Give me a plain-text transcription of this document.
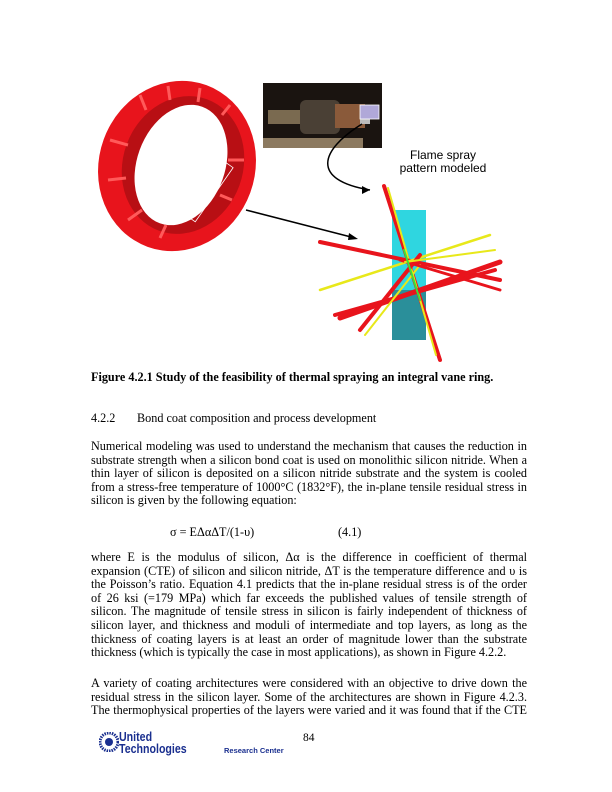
Flame spray
pattern modeled
Figure 4.2.1 Study of the feasibility of thermal spraying an integral vane ring.
4.2.2 Bond coat composition and process development
Numerical modeling was used to understand the mechanism that causes the reduction in
substrate strength when a silicon bond coat is used on monolithic silicon nitride. When a
thin layer of silicon is deposited on a silicon nitride substrate and the system is cooled
from a stress-free temperature of 1000°C (1832°F), the in-plane tensile residual stress in
silicon is given by the following equation:
σ = EΔαΔT/(1-υ)	(4.1)
where E is the modulus of silicon, Δα is the difference in coefficient of thermal
expansion (CTE) of silicon and silicon nitride, ΔT is the temperature difference and υ is
the Poisson’s ratio. Equation 4.1 predicts that the in-plane residual stress is of the order
of 26 ksi (=179 MPa) which far exceeds the published values of tensile strength of
silicon. The magnitude of tensile stress in silicon is fairly independent of thickness of
silicon layer, and thickness and moduli of intermediate and top layers, as long as the
thickness of coating layers is at least an order of magnitude lower than the substrate
thickness (which is typically the case in most applications), as shown in Figure 4.2.2.
A variety of coating architectures were considered with an objective to drive down the
residual stress in the silicon layer. Some of the architectures are shown in Figure 4.2.3.
The thermophysical properties of the layers were varied and it was found that if the CTE
United
Technologies	Research Center
84
